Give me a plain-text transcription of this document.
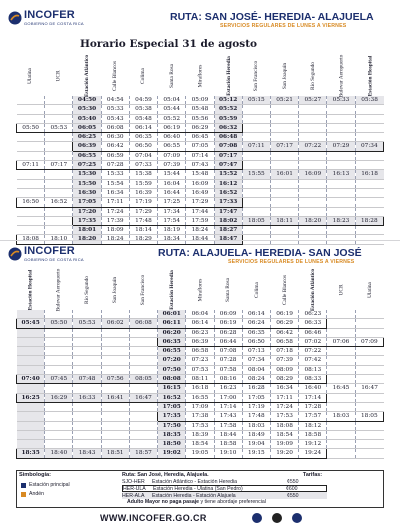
INCOFER
GOBIERNO DE COSTA RICA
RUTA: SAN JOSÉ- HEREDIA- ALAJUELA
SERVICIOS REGULARES DE LUNES A VIERNES
Horario Especial 31 de agosto
Ulatina	UCR	Estación Atlántico	Calle Blancos	Colima	Santa Rosa	Miraflores	Estación Heredia	San Francisco	San Joaquín	Río Segundo	Bulevar Aeropuerto	Estación Hospital
		04:50	04:54	04:59	05:04	05:09	05:12	05:15	05:21	05:27	05:33	05:38
		05:30	05:33	05:38	05:44	05:48	05:52					
		05:40	05:43	05:48	05:52	05:56	05:59					
05:50	05:53	06:05	06:08	06:14	06:19	06:29	06:32					
		06:25	06:30	06:35	06:40	06:45	06:48					
		06:39	06:42	06:50	06:55	07:05	07:08	07:11	07:17	07:22	07:29	07:34
		06:55	06:59	07:04	07:09	07:14	07:17					
07:11	07:17	07:25	07:28	07:33	07:39	07:43	07:47					
		15:30	15:33	15:38	15:44	15:48	15:52	15:55	16:01	16:09	16:13	16:18
		15:50	15:54	15:59	16:04	16:09	16:12					
		16:30	16:34	16:39	16:44	16:49	16:52					
16:50	16:52	17:05	17:11	17:19	17:25	17:29	17:33					
		17:20	17:24	17:29	17:34	17:44	17:47					
		17:35	17:39	17:48	17:54	17:59	18:02	18:05	18:11	18:20	18:23	18:28
		18:01	18:09	18:14	18:19	18:24	18:27					

INCOFER
GOBIERNO DE COSTA RICA
RUTA: ALAJUELA- HEREDIA- SAN JOSÉ
SERVICIOS REGULARES DE LUNES A VIERNES
Estación Hospital	Bulevar Aeropuerto	Río Segundo	San Joaquín	San Francisco	Estación Heredia	Miraflores	Santa Rosa	Colima	Calle Blancos	Estación Atlántico	UCR	Ulatina
					06:01	06:04	06:09	06:14	06:19	06:23		
05:45	05:50	05:53	06:02	06:08	06:11	06:14	06:19	06:24	06:29	06:33		
					06:20	06:23	06:28	06:35	06:42	06:46		
					06:35	06:39	06:44	06:50	06:58	07:02	07:06	07:09
					06:55	06:58	07:08	07:13	07:18	07:22		
					07:20	07:23	07:28	07:34	07:39	07:42		
					07:50	07:53	07:58	08:04	08:09	08:13		
07:40	07:45	07:48	07:56	08:05	08:08	08:11	08:16	08:24	08:29	08:33		
					16:15	16:18	16:23	16:28	16:34	16:40	16:45	16:47
16:25	16:29	16:33	16:41	16:47	16:52	16:55	17:00	17:05	17:11	17:14		
					17:05	17:09	17:14	17:19	17:24	17:28		
					17:35	17:38	17:43	17:48	17:53	17:57	18:03	18:05
					17:50	17:53	17:58	18:03	18:08	18:12		
					18:35	18:39	18:44	18:49	18:54	18:58		
					18:50	18:54	18:58	19:04	19:09	19:12		
18:35	18:40	18:43	18:51	18:57	19:02	19:05	19:10	19:15	19:20	19:24		
Simbología:
Estación principal
Andén
Ruta: San José, Heredia, Alajuela.	Tarifas:
SJO-HER	Estación Atlántico - Estación Heredia	¢550
HER-ULA	Estación Heredia - Ulatina (San Pedro)	¢600
HER-ALA	Estación Heredia - Estación Alajuela	¢550
Adulto Mayor no paga pasaje y tiene abordaje preferencial
WWW.INCOFER.GO.CR
